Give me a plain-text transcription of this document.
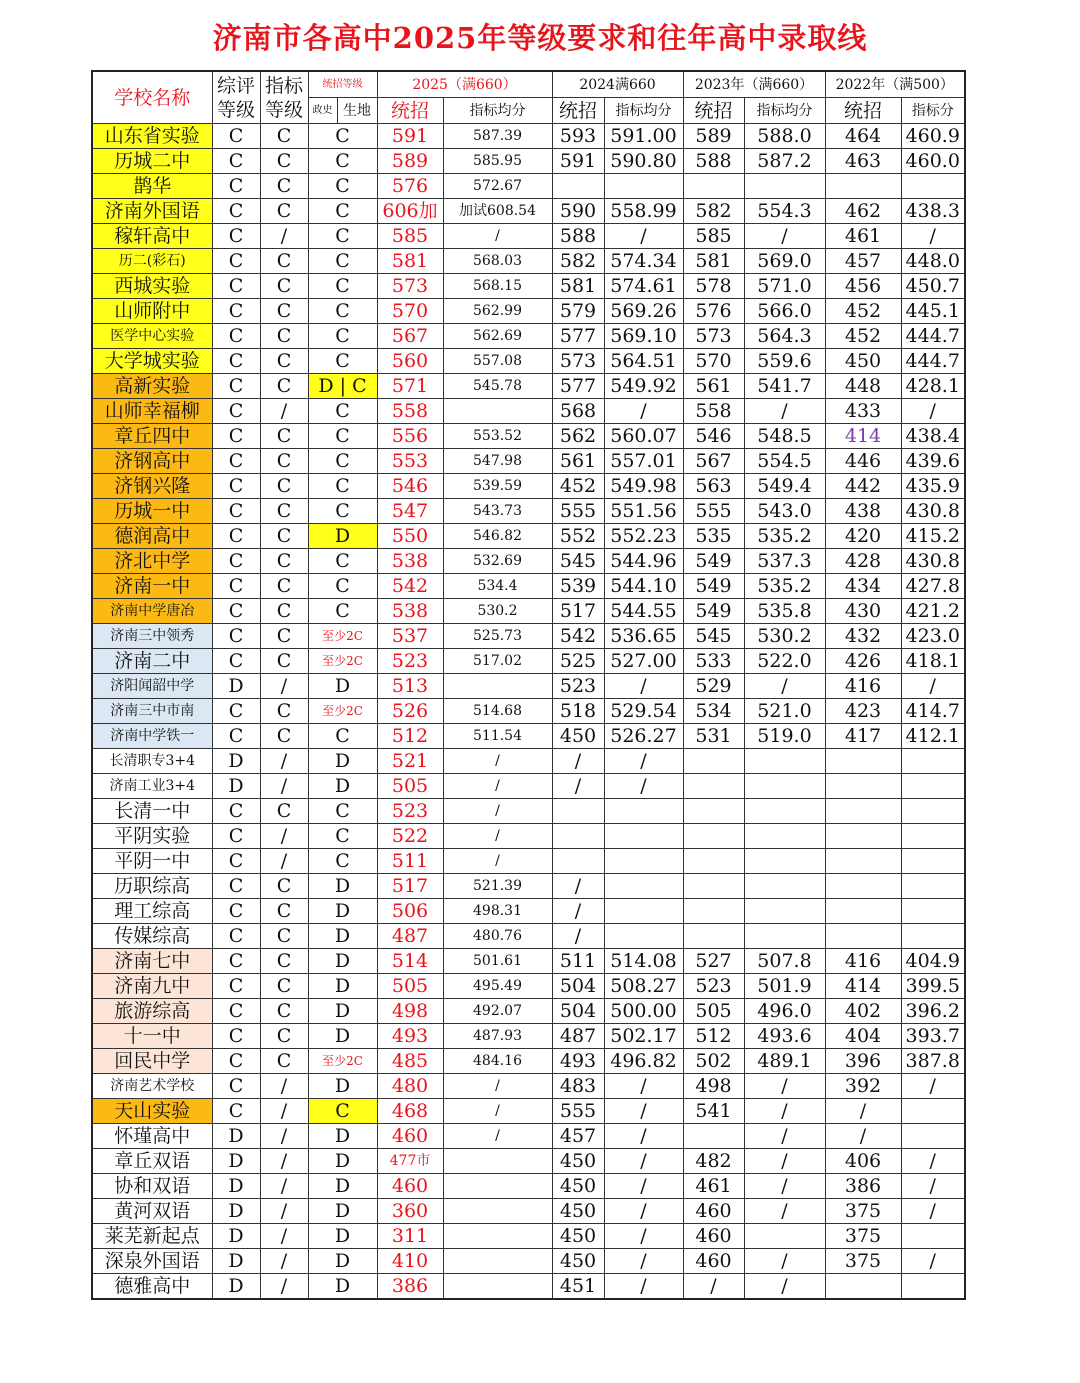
济南市各高中2025年等级要求和往年高中录取线
学校名称	综评等级	指标等级	统招等级		2025（满660）		2024满660		2023年（满660）		2022年（满500）	
			政史	生地	统招	指标均分	统招	指标均分	统招	指标均分	统招	指标分
山东省实验	C	C	C		591	587.39	593	591.00	589	588.0	464	460.9
历城二中	C	C	C		589	585.95	591	590.80	588	587.2	463	460.0
鹊华	C	C	C		576	572.67						
济南外国语	C	C	C		606加	加试608.54	590	558.99	582	554.3	462	438.3
稼轩高中	C	/	C		585	/	588	/	585	/	461	/
历二(彩石)	C	C	C		581	568.03	582	574.34	581	569.0	457	448.0
西城实验	C	C	C		573	568.15	581	574.61	578	571.0	456	450.7
山师附中	C	C	C		570	562.99	579	569.26	576	566.0	452	445.1
医学中心实验	C	C	C		567	562.69	577	569.10	573	564.3	452	444.7
大学城实验	C	C	C		560	557.08	573	564.51	570	559.6	450	444.7
高新实验	C	C	D | C		571	545.78	577	549.92	561	541.7	448	428.1
山师幸福柳	C	/	C		558		568	/	558	/	433	/
章丘四中	C	C	C		556	553.52	562	560.07	546	548.5	414	438.4
济钢高中	C	C	C		553	547.98	561	557.01	567	554.5	446	439.6
济钢兴隆	C	C	C		546	539.59	452	549.98	563	549.4	442	435.9
历城一中	C	C	C		547	543.73	555	551.56	555	543.0	438	430.8
德润高中	C	C	D		550	546.82	552	552.23	535	535.2	420	415.2
济北中学	C	C	C		538	532.69	545	544.96	549	537.3	428	430.8
济南一中	C	C	C		542	534.4	539	544.10	549	535.2	434	427.8
济南中学唐冶	C	C	C		538	530.2	517	544.55	549	535.8	430	421.2
济南三中领秀	C	C	至少2C		537	525.73	542	536.65	545	530.2	432	423.0
济南二中	C	C	至少2C		523	517.02	525	527.00	533	522.0	426	418.1
济阳闻韶中学	D	/	D		513		523	/	529	/	416	/
济南三中市南	C	C	至少2C		526	514.68	518	529.54	534	521.0	423	414.7
济南中学铁一	C	C	C		512	511.54	450	526.27	531	519.0	417	412.1
长清职专3+4	D	/	D		521	/	/	/				
济南工业3+4	D	/	D		505	/	/	/				
长清一中	C	C	C		523	/						
平阴实验	C	/	C		522	/						
平阴一中	C	/	C		511	/						
历职综高	C	C	D		517	521.39	/					
理工综高	C	C	D		506	498.31	/					
传媒综高	C	C	D		487	480.76	/					
济南七中	C	C	D		514	501.61	511	514.08	527	507.8	416	404.9
济南九中	C	C	D		505	495.49	504	508.27	523	501.9	414	399.5
旅游综高	C	C	D		498	492.07	504	500.00	505	496.0	402	396.2
十一中	C	C	D		493	487.93	487	502.17	512	493.6	404	393.7
回民中学	C	C	至少2C		485	484.16	493	496.82	502	489.1	396	387.8
济南艺术学校	C	/	D		480	/	483	/	498	/	392	/
天山实验	C	/	C		468	/	555	/	541	/	/	
怀瑾高中	D	/	D		460	/	457	/		/	/	
章丘双语	D	/	D		477市		450	/	482	/	406	/
协和双语	D	/	D		460		450	/	461	/	386	/
黄河双语	D	/	D		360		450	/	460	/	375	/
莱芜新起点	D	/	D		311		450	/	460		375	
深泉外国语	D	/	D		410		450	/	460	/	375	/
德雅高中	D	/	D		386		451	/	/	/		
